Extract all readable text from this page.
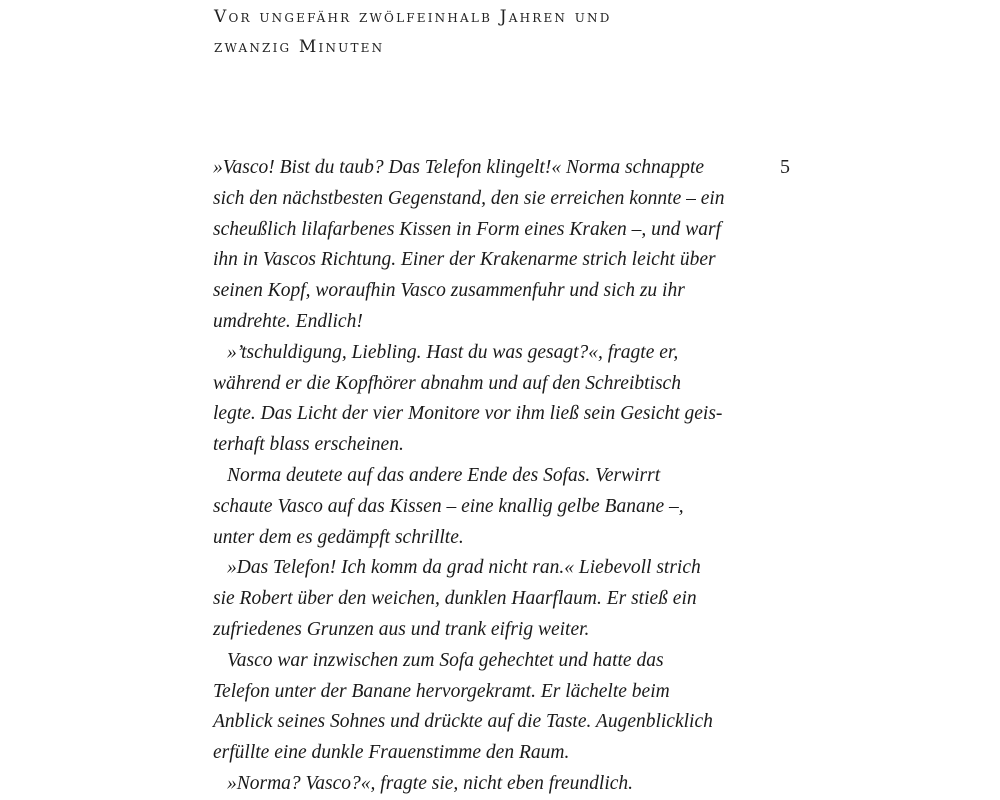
Vor ungefähr zwölfeinhalb Jahren und
zwanzig Minuten
5
»Vasco! Bist du taub? Das Telefon klingelt!« Norma schnappte
sich den nächstbesten Gegenstand, den sie erreichen konnte – ein
scheußlich lilafarbenes Kissen in Form eines Kraken –, und warf
ihn in Vascos Richtung. Einer der Krakenarme strich leicht über
seinen Kopf, woraufhin Vasco zusammenfuhr und sich zu ihr
umdrehte. Endlich!
»’tschuldigung, Liebling. Hast du was gesagt?«, fragte er,
während er die Kopfhörer abnahm und auf den Schreibtisch
legte. Das Licht der vier Monitore vor ihm ließ sein Gesicht geis-
terhaft blass erscheinen.
Norma deutete auf das andere Ende des Sofas. Verwirrt
schaute Vasco auf das Kissen – eine knallig gelbe Banane –,
unter dem es gedämpft schrillte.
»Das Telefon! Ich komm da grad nicht ran.« Liebevoll strich
sie Robert über den weichen, dunklen Haarflaum. Er stieß ein
zufriedenes Grunzen aus und trank eifrig weiter.
Vasco war inzwischen zum Sofa gehechtet und hatte das
Telefon unter der Banane hervorgekramt. Er lächelte beim
Anblick seines Sohnes und drückte auf die Taste. Augenblicklich
erfüllte eine dunkle Frauenstimme den Raum.
»Norma? Vasco?«, fragte sie, nicht eben freundlich.
